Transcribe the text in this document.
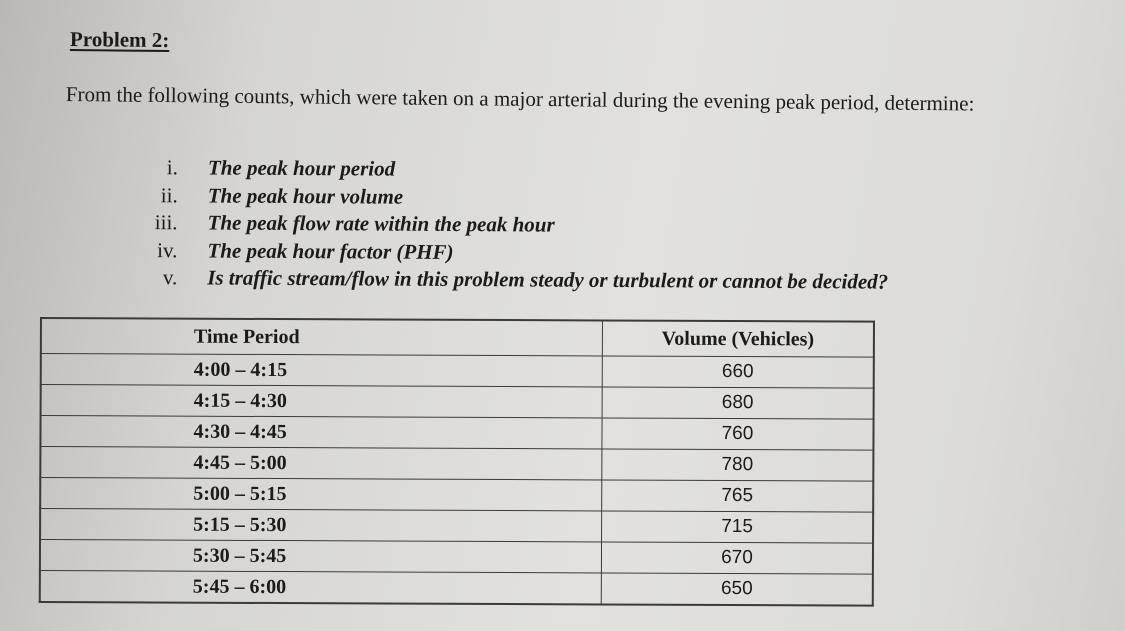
Problem 2:
From the following counts, which were taken on a major arterial during the evening peak period, determine:
i.	The peak hour period
ii.	The peak hour volume
iii.	The peak flow rate within the peak hour
iv.	The peak hour factor (PHF)
v.	Is traffic stream/flow in this problem steady or turbulent or cannot be decided?
Time Period	Volume (Vehicles)
4:00 – 4:15	660
4:15 – 4:30	680
4:30 – 4:45	760
4:45 – 5:00	780
5:00 – 5:15	765
5:15 – 5:30	715
5:30 – 5:45	670
5:45 – 6:00	650
